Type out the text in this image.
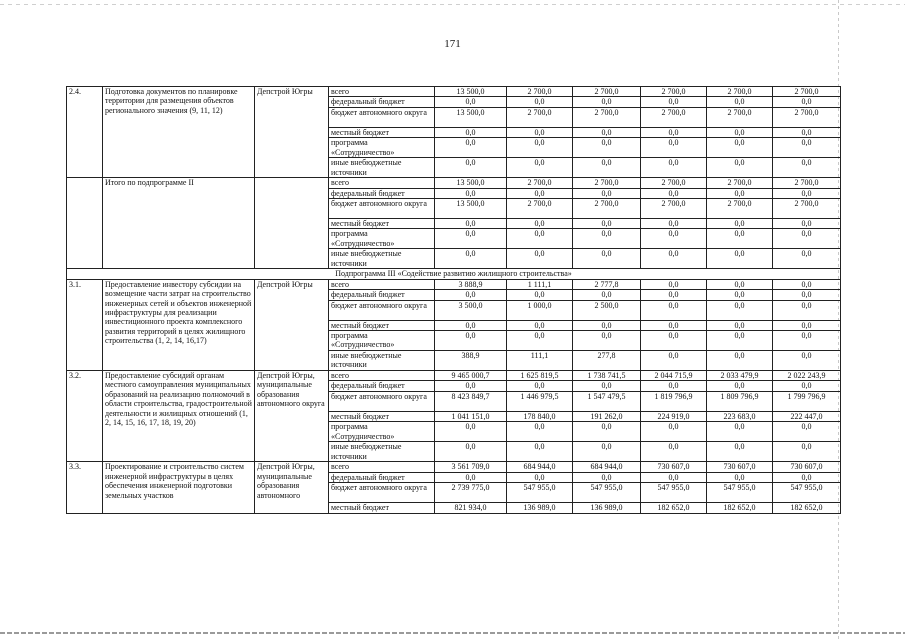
171
2.4.	Подготовка документов по планировке территории для размещения объектов регионального значения (9, 11, 12)	Депстрой Югры	всего	13 500,0	2 700,0	2 700,0	2 700,0	2 700,0	2 700,0
			федеральный бюджет	0,0	0,0	0,0	0,0	0,0	0,0
			бюджет автономного округа	13 500,0	2 700,0	2 700,0	2 700,0	2 700,0	2 700,0
			местный бюджет	0,0	0,0	0,0	0,0	0,0	0,0
			программа «Сотрудничество»	0,0	0,0	0,0	0,0	0,0	0,0
			иные внебюджетные источники	0,0	0,0	0,0	0,0	0,0	0,0
	Итого по подпрограмме II		всего	13 500,0	2 700,0	2 700,0	2 700,0	2 700,0	2 700,0
			федеральный бюджет	0,0	0,0	0,0	0,0	0,0	0,0
			бюджет автономного округа	13 500,0	2 700,0	2 700,0	2 700,0	2 700,0	2 700,0
			местный бюджет	0,0	0,0	0,0	0,0	0,0	0,0
			программа «Сотрудничество»	0,0	0,0	0,0	0,0	0,0	0,0
			иные внебюджетные источники	0,0	0,0	0,0	0,0	0,0	0,0
Подпрограмма III «Содействие развитию жилищного строительства»									
3.1.	Предоставление инвестору субсидии на возмещение части затрат на строительство инженерных сетей и объектов инженерной инфраструктуры для реализации инвестиционного проекта комплексного развития территорий в целях жилищного строительства (1, 2, 14, 16,17)	Депстрой Югры	всего	3 888,9	1 111,1	2 777,8	0,0	0,0	0,0
			федеральный бюджет	0,0	0,0	0,0	0,0	0,0	0,0
			бюджет автономного округа	3 500,0	1 000,0	2 500,0	0,0	0,0	0,0
			местный бюджет	0,0	0,0	0,0	0,0	0,0	0,0
			программа «Сотрудничество»	0,0	0,0	0,0	0,0	0,0	0,0
			иные внебюджетные источники	388,9	111,1	277,8	0,0	0,0	0,0
3.2.	Предоставление субсидий органам местного самоуправления муниципальных образований на реализацию полномочий в области строительства, градостроительной деятельности и жилищных отношений (1, 2, 14, 15, 16, 17, 18, 19, 20)	Депстрой Югры, муниципальные образования автономного округа	всего	9 465 000,7	1 625 819,5	1 738 741,5	2 044 715,9	2 033 479,9	2 022 243,9
			федеральный бюджет	0,0	0,0	0,0	0,0	0,0	0,0
			бюджет автономного округа	8 423 849,7	1 446 979,5	1 547 479,5	1 819 796,9	1 809 796,9	1 799 796,9
			местный бюджет	1 041 151,0	178 840,0	191 262,0	224 919,0	223 683,0	222 447,0
			программа «Сотрудничество»	0,0	0,0	0,0	0,0	0,0	0,0
			иные внебюджетные источники	0,0	0,0	0,0	0,0	0,0	0,0
3.3.	Проектирование и строительство систем инженерной инфраструктуры в целях обеспечения инженерной подготовки земельных участков	Депстрой Югры, муниципальные образования автономного	всего	3 561 709,0	684 944,0	684 944,0	730 607,0	730 607,0	730 607,0
			федеральный бюджет	0,0	0,0	0,0	0,0	0,0	0,0
			бюджет автономного округа	2 739 775,0	547 955,0	547 955,0	547 955,0	547 955,0	547 955,0
			местный бюджет	821 934,0	136 989,0	136 989,0	182 652,0	182 652,0	182 652,0
